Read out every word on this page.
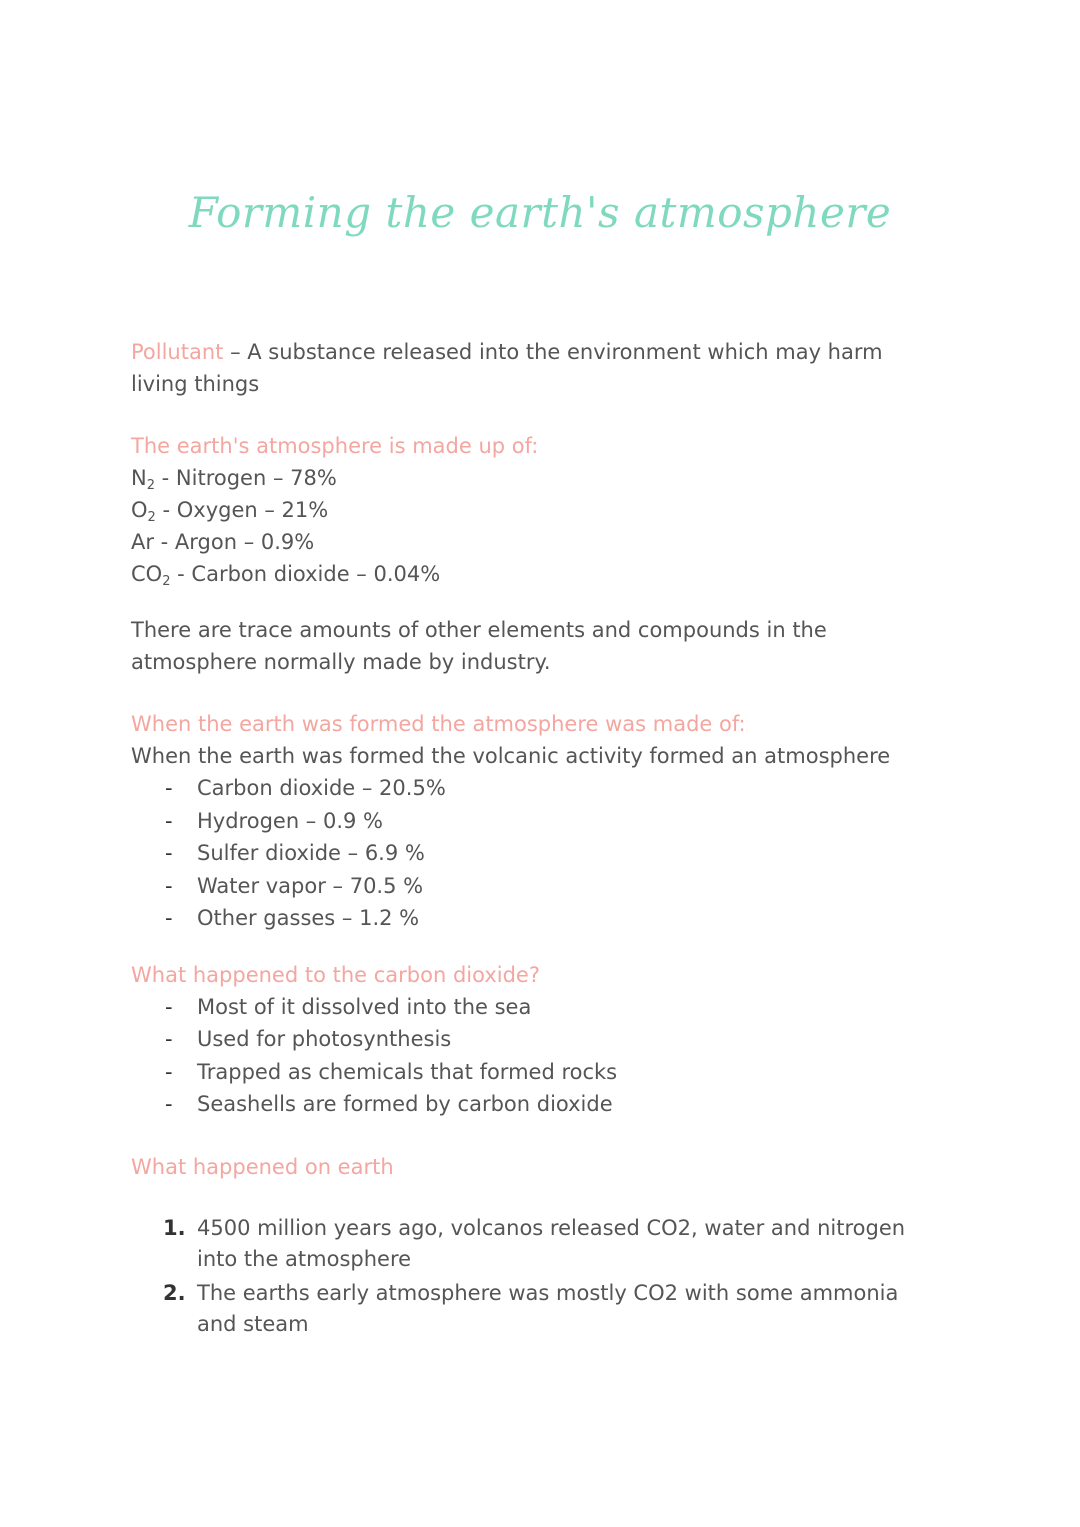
Forming the earth's atmosphere

Pollutant – A substance released into the environment which may harm living things

The earth's atmosphere is made up of:

$N_2$ - Nitrogen – 78%
$O_2$ - Oxygen – 21%
Ar - Argon – 0.9%
$CO_2$ - Carbon dioxide – 0.04%

There are trace amounts of other elements and compounds in the atmosphere normally made by industry.

When the earth was formed the atmosphere was made of:

When the earth was formed the volcanic activity formed an atmosphere

- Carbon dioxide – 20.5%
- Hydrogen – 0.9 %
- Sulfer dioxide – 6.9 %
- Water vapor – 70.5 %
- Other gasses – 1.2 %

What happened to the carbon dioxide?

- Most of it dissolved into the sea
- Used for photosynthesis
- Trapped as chemicals that formed rocks
- Seashells are formed by carbon dioxide

What happened on earth

1. 4500 million years ago, volcanos released CO2, water and nitrogen into the atmosphere
2. The earths early atmosphere was mostly CO2 with some ammonia and steam
